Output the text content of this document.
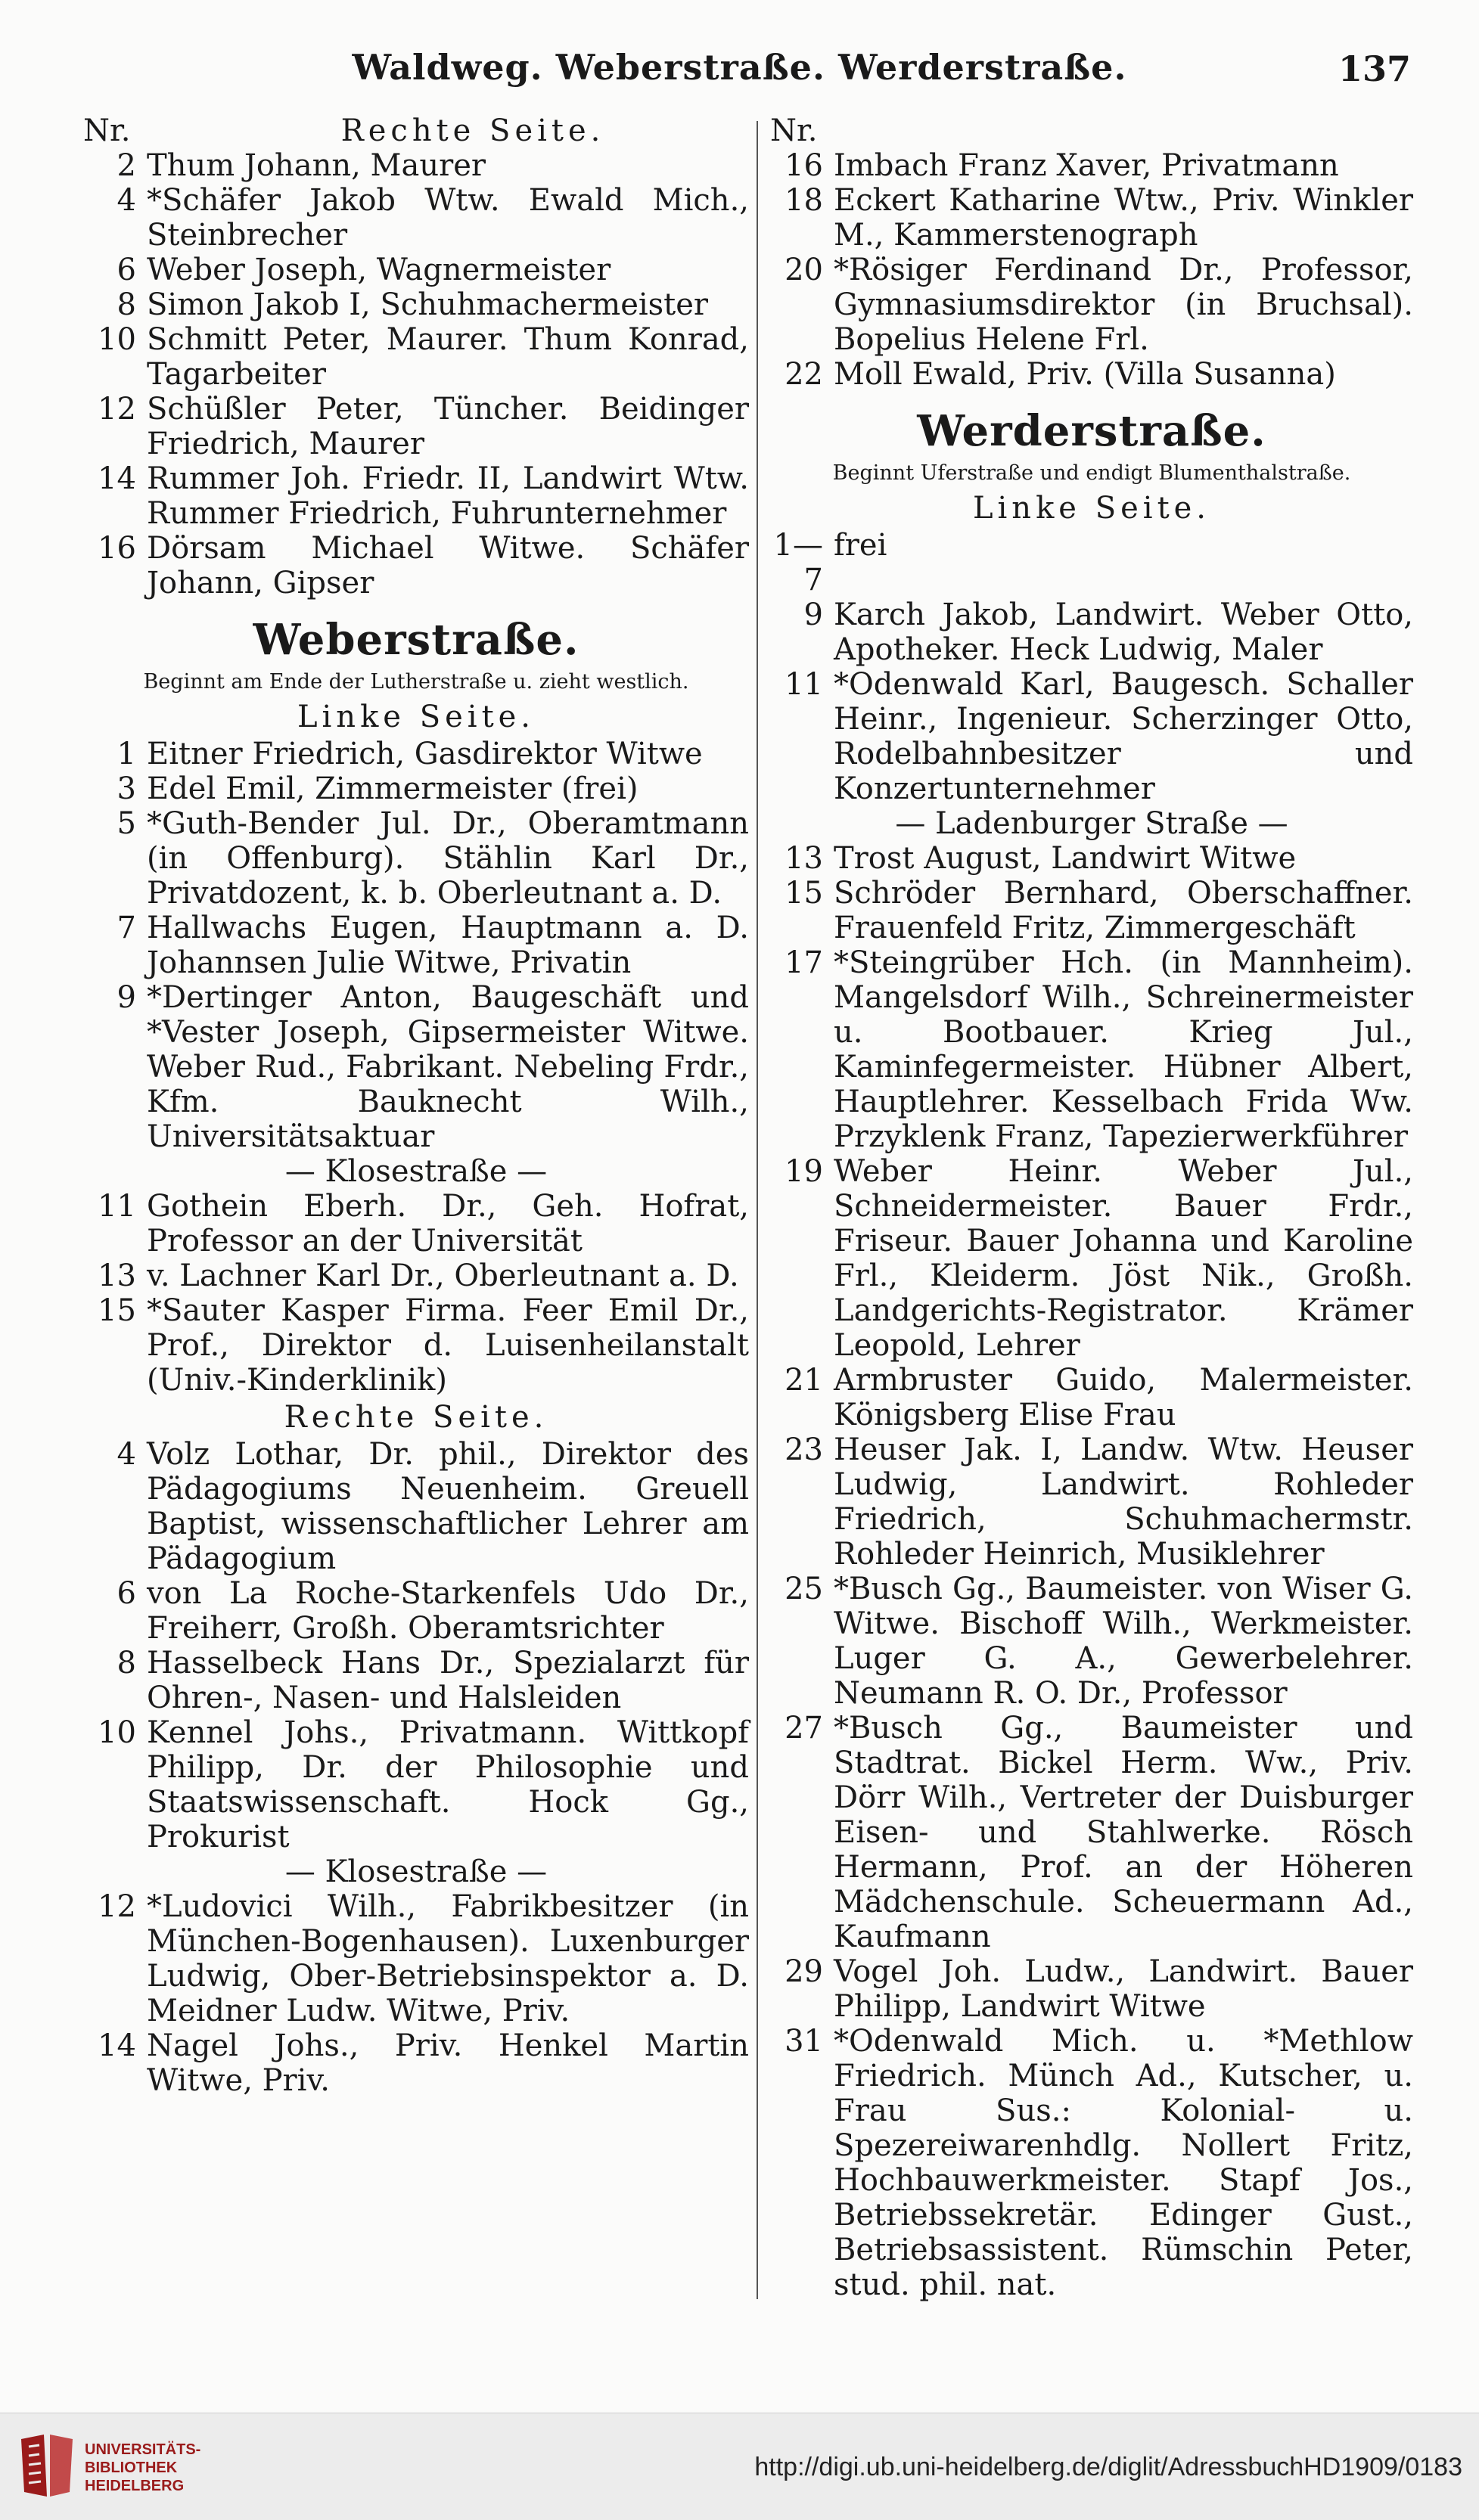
Waldweg. Weberstraße. Werderstraße.	137
Nr.	Rechte Seite.
2 Thum Johann, Maurer
4 *Schäfer Jakob Wtw. Ewald Mich., Steinbrecher
6 Weber Joseph, Wagnermeister
8 Simon Jakob I, Schuhmachermeister
10 Schmitt Peter, Maurer. Thum Konrad, Tagarbeiter
12 Schüßler Peter, Tüncher. Beidinger Friedrich, Maurer
14 Rummer Joh. Friedr. II, Landwirt Wtw. Rummer Friedrich, Fuhrunternehmer
16 Dörsam Michael Witwe. Schäfer Johann, Gipser
Weberstraße.
Beginnt am Ende der Lutherstraße u. zieht westlich.
Linke Seite.
1 Eitner Friedrich, Gasdirektor Witwe
3 Edel Emil, Zimmermeister (frei)
5 *Guth-Bender Jul. Dr., Oberamtmann (in Offenburg). Stählin Karl Dr., Privatdozent, k. b. Oberleutnant a. D.
7 Hallwachs Eugen, Hauptmann a. D. Johannsen Julie Witwe, Privatin
9 *Dertinger Anton, Baugeschäft und *Vester Joseph, Gipsermeister Witwe. Weber Rud., Fabrikant. Nebeling Frdr., Kfm. Bauknecht Wilh., Universitätsaktuar
— Klosestraße —
11 Gothein Eberh. Dr., Geh. Hofrat, Professor an der Universität
13 v. Lachner Karl Dr., Oberleutnant a. D.
15 *Sauter Kasper Firma. Feer Emil Dr., Prof., Direktor d. Luisenheilanstalt (Univ.-Kinderklinik)
Rechte Seite.
4 Volz Lothar, Dr. phil., Direktor des Pädagogiums Neuenheim. Greuell Baptist, wissenschaftlicher Lehrer am Pädagogium
6 von La Roche-Starkenfels Udo Dr., Freiherr, Großh. Oberamtsrichter
8 Hasselbeck Hans Dr., Spezialarzt für Ohren-, Nasen- und Halsleiden
10 Kennel Johs., Privatmann. Wittkopf Philipp, Dr. der Philosophie und Staatswissenschaft. Hock Gg., Prokurist
— Klosestraße —
12 *Ludovici Wilh., Fabrikbesitzer (in München-Bogenhausen). Luxenburger Ludwig, Ober-Betriebsinspektor a. D. Meidner Ludw. Witwe, Priv.
14 Nagel Johs., Priv. Henkel Martin Witwe, Priv.
Nr.
16 Imbach Franz Xaver, Privatmann
18 Eckert Katharine Wtw., Priv. Winkler M., Kammerstenograph
20 *Rösiger Ferdinand Dr., Professor, Gymnasiumsdirektor (in Bruchsal). Bopelius Helene Frl.
22 Moll Ewald, Priv. (Villa Susanna)
Werderstraße.
Beginnt Uferstraße und endigt Blumenthalstraße.
Linke Seite.
1—7
frei
9 Karch Jakob, Landwirt. Weber Otto, Apotheker. Heck Ludwig, Maler
11 *Odenwald Karl, Baugesch. Schaller Heinr., Ingenieur. Scherzinger Otto, Rodelbahnbesitzer und Konzertunternehmer
— Ladenburger Straße —
13 Trost August, Landwirt Witwe
15 Schröder Bernhard, Oberschaffner. Frauenfeld Fritz, Zimmergeschäft
17 *Steingrüber Hch. (in Mannheim). Mangelsdorf Wilh., Schreinermeister u. Bootbauer. Krieg Jul., Kaminfegermeister. Hübner Albert, Hauptlehrer. Kesselbach Frida Ww. Przyklenk Franz, Tapezierwerkführer
19 Weber Heinr. Weber Jul., Schneidermeister. Bauer Frdr., Friseur. Bauer Johanna und Karoline Frl., Kleiderm. Jöst Nik., Großh. Landgerichts-Registrator. Krämer Leopold, Lehrer
21 Armbruster Guido, Malermeister. Königsberg Elise Frau
23 Heuser Jak. I, Landw. Wtw. Heuser Ludwig, Landwirt. Rohleder Friedrich, Schuhmachermstr. Rohleder Heinrich, Musiklehrer
25 *Busch Gg., Baumeister. von Wiser G. Witwe. Bischoff Wilh., Werkmeister. Luger G. A., Gewerbelehrer. Neumann R. O. Dr., Professor
27 *Busch Gg., Baumeister und Stadtrat. Bickel Herm. Ww., Priv. Dörr Wilh., Vertreter der Duisburger Eisen- und Stahlwerke. Rösch Hermann, Prof. an der Höheren Mädchenschule. Scheuermann Ad., Kaufmann
29 Vogel Joh. Ludw., Landwirt. Bauer Philipp, Landwirt Witwe
31 *Odenwald Mich. u. *Methlow Friedrich. Münch Ad., Kutscher, u. Frau Sus.: Kolonial- u. Spezereiwarenhdlg. Nollert Fritz, Hochbauwerkmeister. Stapf Jos., Betriebssekretär. Edinger Gust., Betriebsassistent. Rümschin Peter, stud. phil. nat.
UNIVERSITÄTS-
BIBLIOTHEK
HEIDELBERG
http://digi.ub.uni-heidelberg.de/diglit/AdressbuchHD1909/0183
